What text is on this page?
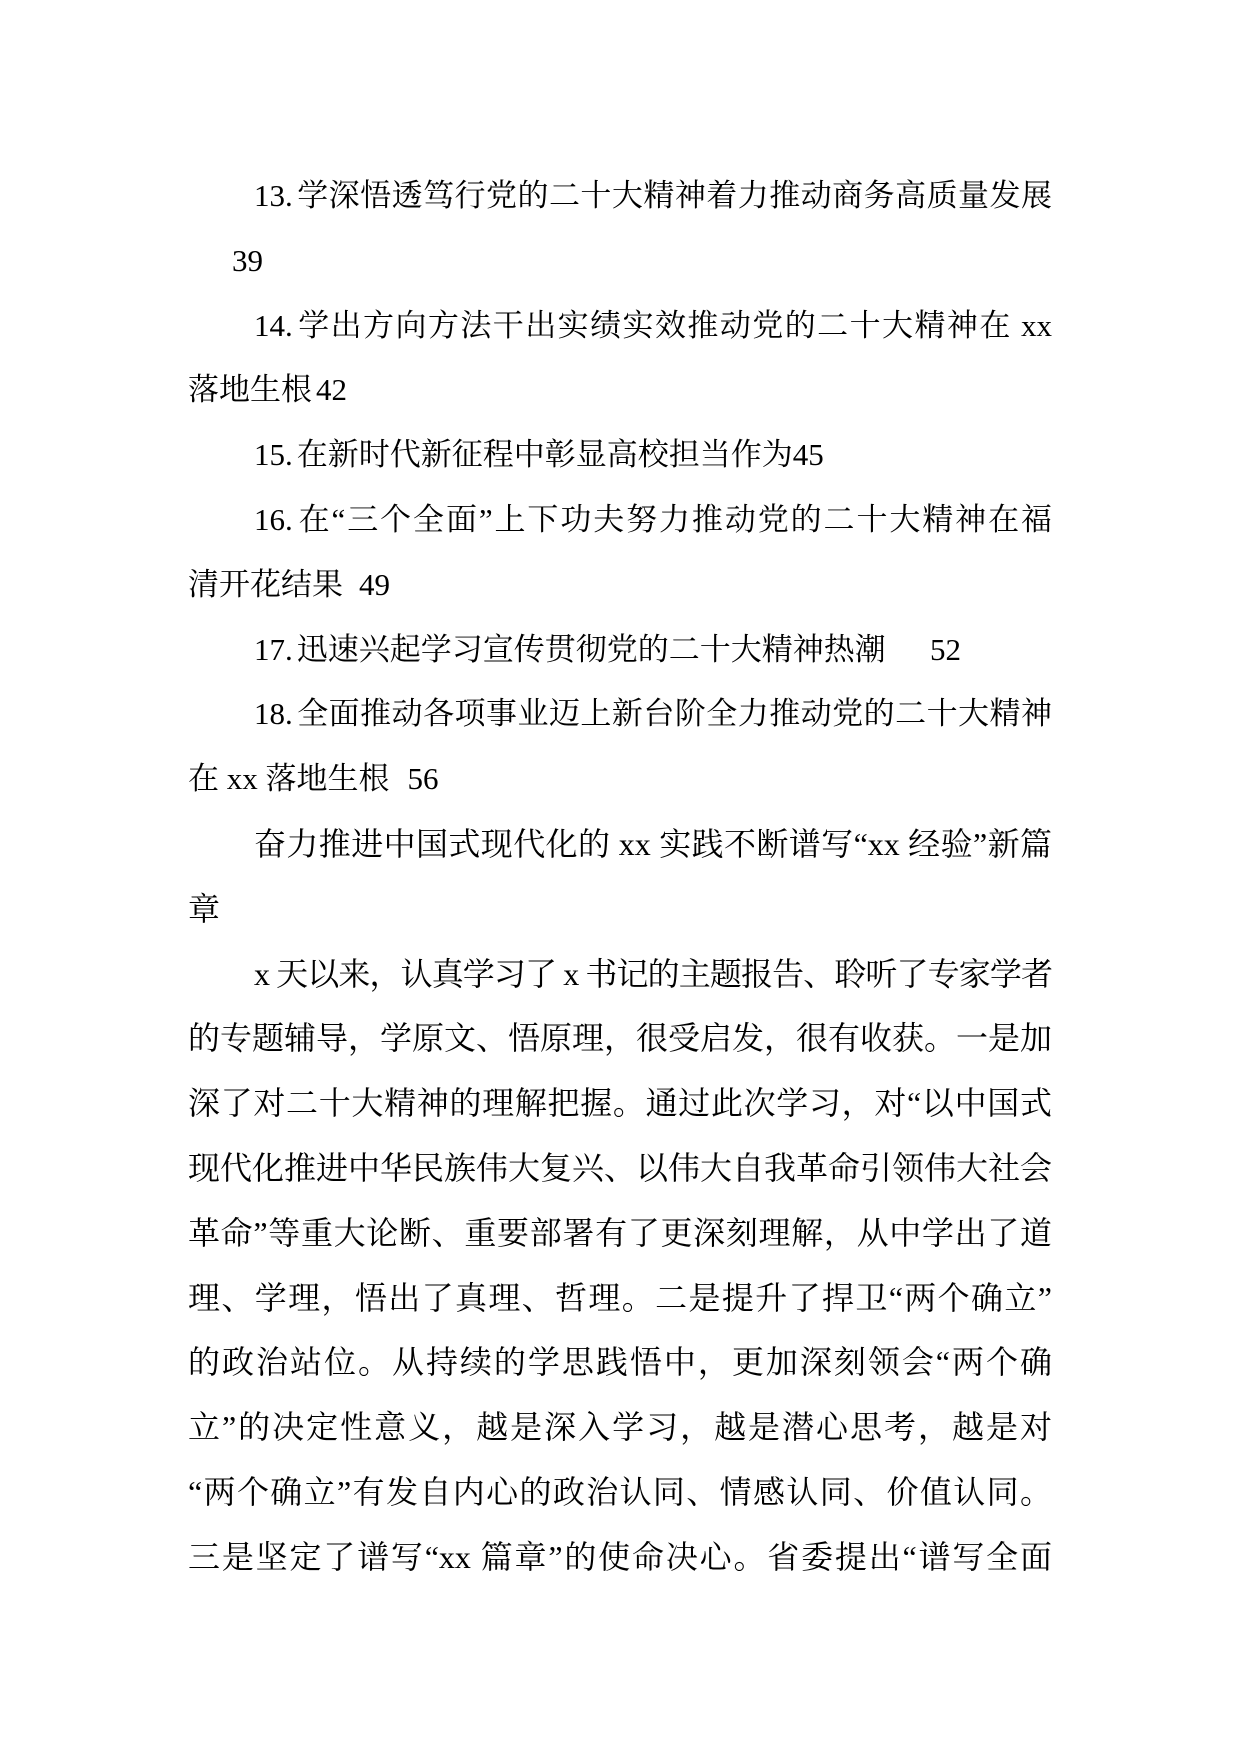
13. 学深悟透笃行党的二十大精神着力推动商务高质量发展
39
14. 学出方向方法干出实绩实效推动党的二十大精神在 xx
落地生根 42
15. 在新时代新征程中彰显高校担当作为45
16. 在“三个全面”上下功夫努力推动党的二十大精神在福
清开花结果 49
17. 迅速兴起学习宣传贯彻党的二十大精神热潮 52
18. 全面推动各项事业迈上新台阶全力推动党的二十大精神
在 xx 落地生根 56
奋力推进中国式现代化的 xx 实践不断谱写“xx 经验”新篇
章
x 天以来，认真学习了 x 书记的主题报告、聆听了专家学者
的专题辅导，学原文、悟原理，很受启发，很有收获。一是加
深了对二十大精神的理解把握。通过此次学习，对“以中国式
现代化推进中华民族伟大复兴、以伟大自我革命引领伟大社会
革命”等重大论断、重要部署有了更深刻理解，从中学出了道
理、学理，悟出了真理、哲理。二是提升了捍卫“两个确立”
的政治站位。从持续的学思践悟中，更加深刻领会“两个确
立”的决定性意义，越是深入学习，越是潜心思考，越是对
“两个确立”有发自内心的政治认同、情感认同、价值认同。
三是坚定了谱写“xx 篇章”的使命决心。省委提出“谱写全面
